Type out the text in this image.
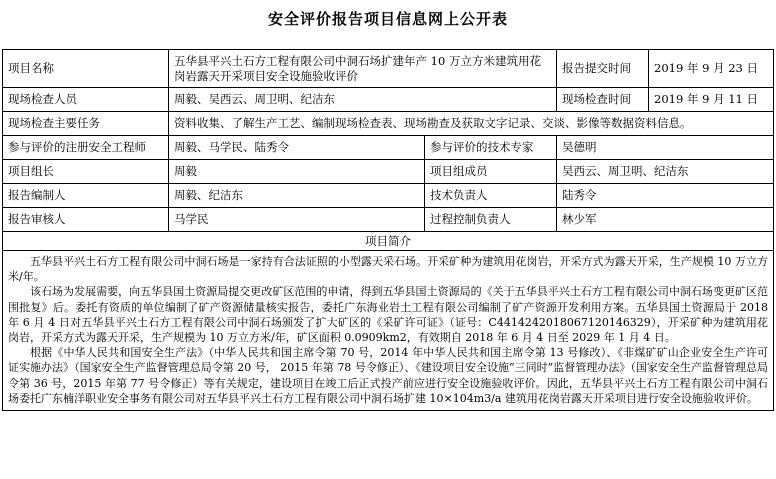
安全评价报告项目信息网上公开表
项目名称	五华县平兴土石方工程有限公司中洞石场扩建年产 10 万立方米建筑用花岗岩露天开采项目安全设施验收评价		报告提交时间	2019 年 9 月 23 日
现场检查人员	周毅、吴西云、周卫明、纪洁东		现场检查时间	2019 年 9 月 11 日
现场检查主要任务	资料收集、了解生产工艺、编制现场检查表、现场勘查及获取文字记录、交谈、影像等数据资料信息。			
参与评价的注册安全工程师	周毅、马学民、陆秀令	参与评价的技术专家	吴德明	
项目组长	周毅	项目组成员	吴西云、周卫明、纪洁东	
报告编制人	周毅、纪洁东	技术负责人	陆秀令	
报告审核人	马学民	过程控制负责人	林少军	
项目简介				

五华县平兴土石方工程有限公司中洞石场是一家持有合法证照的小型露天采石场。开采矿种为建筑用花岗岩，开采方式为露天开采，生产规模 10 万立方米/年。

该石场为发展需要，向五华县国土资源局提交更改矿区范围的申请，得到五华县国土资源局的《关于五华县平兴土石方工程有限公司中洞石场变更矿区范围批复》后。委托有资质的单位编制了矿产资源储量核实报告，委托广东海业岩土工程有限公司编制了矿产资源开发利用方案。五华县国土资源局于 2018 年 6 月 4 日对五华县平兴土石方工程有限公司中洞石场颁发了扩大矿区的《采矿许可证》（证号：C4414242018067120146329），开采矿种为建筑用花岗岩，开采方式为露天开采，生产规模为 10 万立方米/年，矿区面积 0.0909km2，有效期自 2018 年 6 月 4 日至 2029 年 1 月 4 日。

根据《中华人民共和国安全生产法》（中华人民共和国主席令第 70 号，2014 年中华人民共和国主席令第 13 号修改）、《非煤矿矿山企业安全生产许可证实施办法》（国家安全生产监督管理总局令第 20 号， 2015 年第 78 号令修正）、《建设项目安全设施“三同时”监督管理办法》（国家安全生产监督管理总局令第 36 号，2015 年第 77 号令修正）等有关规定，建设项目在竣工后正式投产前应进行安全设施验收评价。因此，五华县平兴土石方工程有限公司中洞石场委托广东楠洋职业安全事务有限公司对五华县平兴土石方工程有限公司中洞石场扩建 10×104m3/a 建筑用花岗岩露天开采项目进行安全设施验收评价。				
